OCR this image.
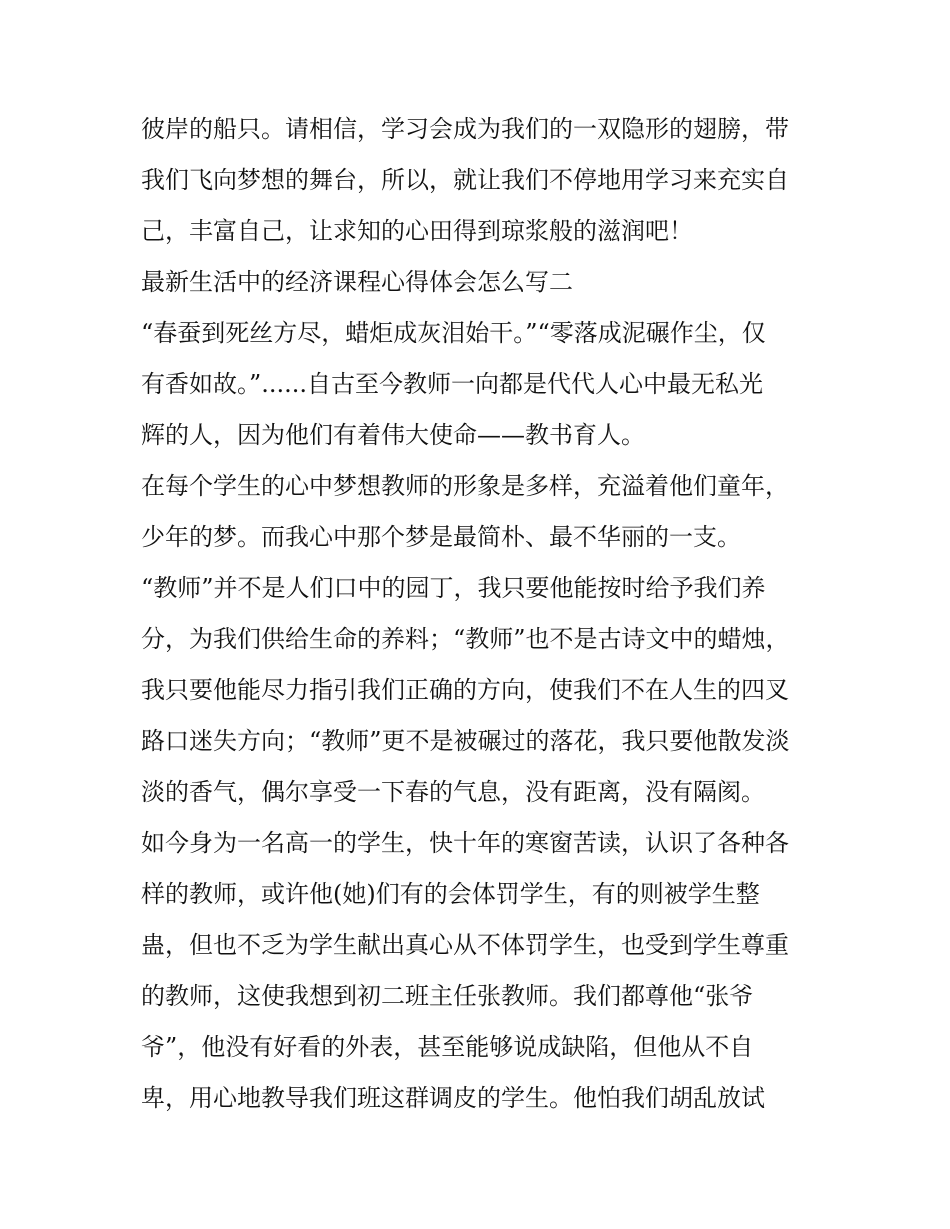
彼岸的船只。请相信，学习会成为我们的一双隐形的翅膀，带

我们飞向梦想的舞台，所以，就让我们不停地用学习来充实自

己，丰富自己，让求知的心田得到琼浆般的滋润吧！

最新生活中的经济课程心得体会怎么写二

“春蚕到死丝方尽，蜡炬成灰泪始干。”“零落成泥碾作尘，仅

有香如故。”......自古至今教师一向都是代代人心中最无私光

辉的人，因为他们有着伟大使命——教书育人。

在每个学生的心中梦想教师的形象是多样，充溢着他们童年，

少年的梦。而我心中那个梦是最简朴、最不华丽的一支。

“教师”并不是人们口中的园丁，我只要他能按时给予我们养

分，为我们供给生命的养料；“教师”也不是古诗文中的蜡烛，

我只要他能尽力指引我们正确的方向，使我们不在人生的四叉

路口迷失方向；“教师”更不是被碾过的落花，我只要他散发淡

淡的香气，偶尔享受一下春的气息，没有距离，没有隔阂。

如今身为一名高一的学生，快十年的寒窗苦读，认识了各种各

样的教师，或许他(她)们有的会体罚学生，有的则被学生整

蛊，但也不乏为学生献出真心从不体罚学生，也受到学生尊重

的教师，这使我想到初二班主任张教师。我们都尊他“张爷

爷”，他没有好看的外表，甚至能够说成缺陷，但他从不自

卑，用心地教导我们班这群调皮的学生。他怕我们胡乱放试
